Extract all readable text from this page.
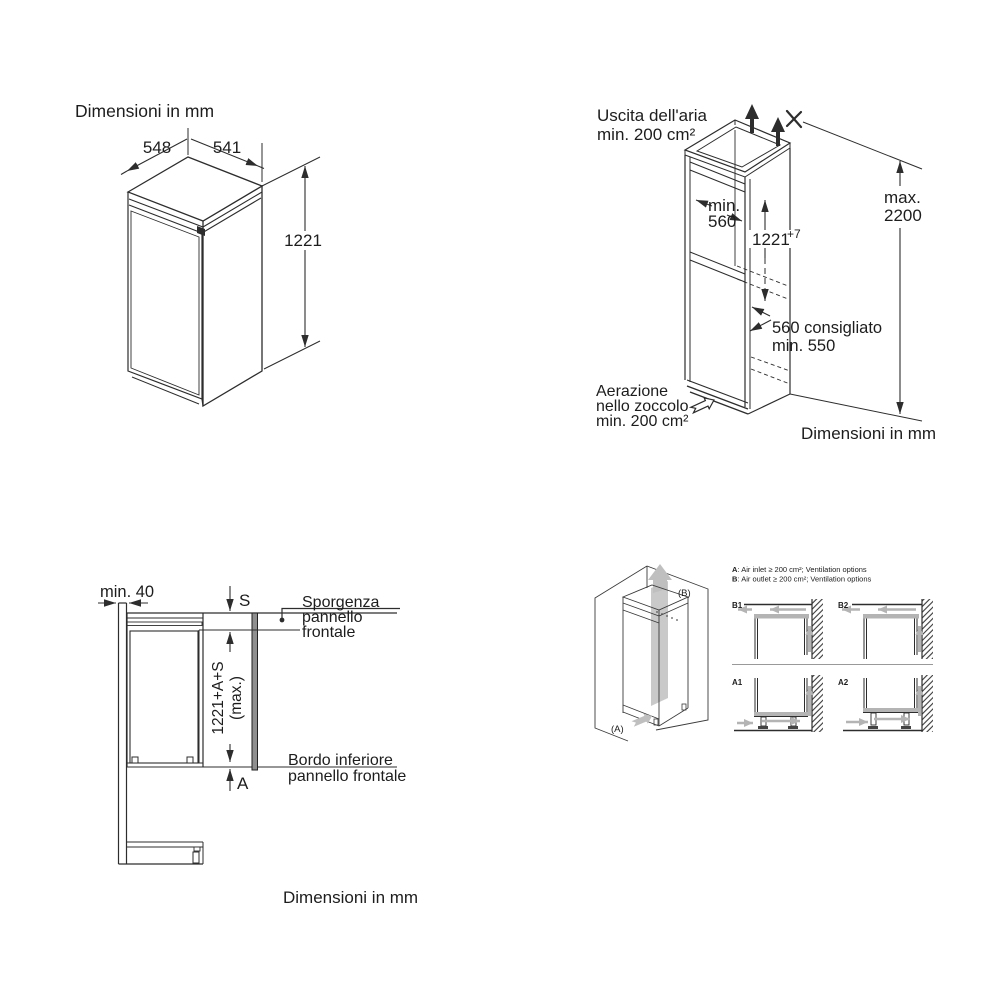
Dimensioni in mm
548 541
1221
Uscita dell'aria
min. 200 cm²
min.
560
1221
+7
max.
2200
560 consigliato
min. 550
Aerazione
nello zoccolo
min. 200 cm²
Dimensioni in mm
min. 40	S	Sporgenza
pannello
frontale
1221+A+S (max.)
Bordo inferiore
pannello frontale
A
Dimensioni in mm
(B)
(A)
A : Air inlet ≥ 200 cm²; Ventilation options
B : Air outlet ≥ 200 cm²; Ventilation options
B1	B2
A1	A2
